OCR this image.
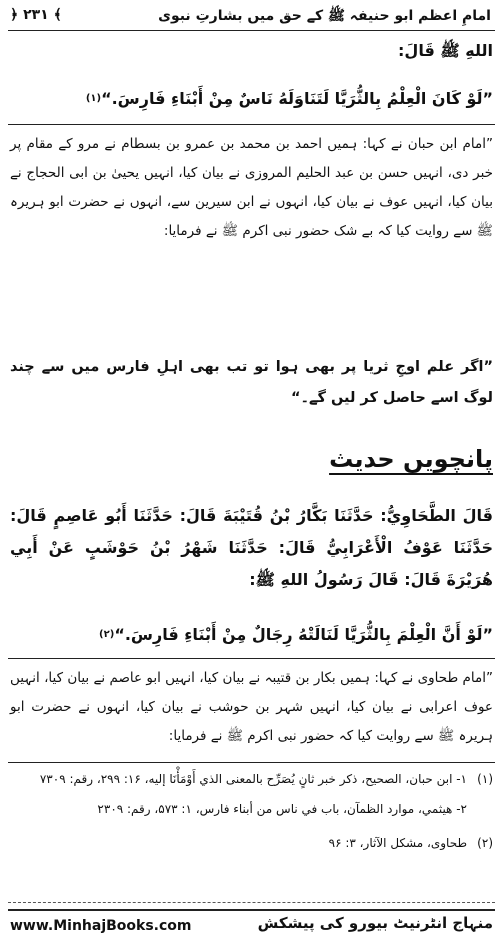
امامِ اعظم ابو حنیفہ ﷺ کے حق میں بشارتِ نبوی
﴿ ۲۳۱ ﴾
اللهِ ﷺ قَالَ:
”لَوْ كَانَ الْعِلْمُ بِالثُّرَيَّا لَتَنَاوَلَهُ نَاسٌ مِنْ أَبْنَاءِ فَارِسَ.“$^{(۱)}$
”امام ابن حبان نے کہا: ہمیں احمد بن محمد بن عمرو بن بسطام نے مرو کے مقام پر خبر دی، انہیں حسن بن عبد الحلیم المروزی نے بیان کیا، انہیں یحییٰ بن ابی الحجاج نے بیان کیا، انہیں عوف نے بیان کیا، انہوں نے ابن سیرین سے، انہوں نے حضرت ابو ہریرہ ﷺ سے روایت کیا کہ بے شک حضور نبی اکرم ﷺ نے فرمایا:
”اگر علم اوجِ ثریا پر بھی ہوا تو تب بھی اہلِ فارس میں سے چند لوگ اسے حاصل کر لیں گے۔“
پانچویں حدیث
قَالَ الطَّحَاوِيُّ: حَدَّثَنَا بَكَّارُ بْنُ قُتَيْبَةَ قَالَ: حَدَّثَنَا أَبُو عَاصِمٍ قَالَ: حَدَّثَنَا عَوْفُ الْأَعْرَابِيُّ قَالَ: حَدَّثَنَا شَهْرُ بْنُ حَوْشَبٍ عَنْ أَبِي هُرَيْرَةَ قَالَ: قَالَ رَسُولُ اللهِ ﷺ:
”لَوْ أَنَّ الْعِلْمَ بِالثُّرَيَّا لَنَالَتْهُ رِجَالٌ مِنْ أَبْنَاءِ فَارِسَ.“$^{(۲)}$
”امام طحاوی نے کہا: ہمیں بکار بن قتیبہ نے بیان کیا، انہیں ابو عاصم نے بیان کیا، انہیں عوف اعرابی نے بیان کیا، انہیں شہر بن حوشب نے بیان کیا، انہوں نے حضرت ابو ہریرہ ﷺ سے روایت کیا کہ حضور نبی اکرم ﷺ نے فرمایا:
(۱)
۱- ابن حبان، الصحيح، ذكر خبر ثانٍ يُصَرِّح بالمعنى الذي أَوْمَأْنَا إليه، ۱۶: ۲۹۹، رقم: ۷۳۰۹
۲- هيثمي، موارد الظمآن، باب في ناس من أبناء فارس، ۱: ۵۷۳، رقم: ۲۳۰۹
(۲)
طحاوی، مشکل الآثار، ۳: ۹۶
www.MinhajBooks.com	منہاج انٹرنیٹ بیورو کی پیشکش
